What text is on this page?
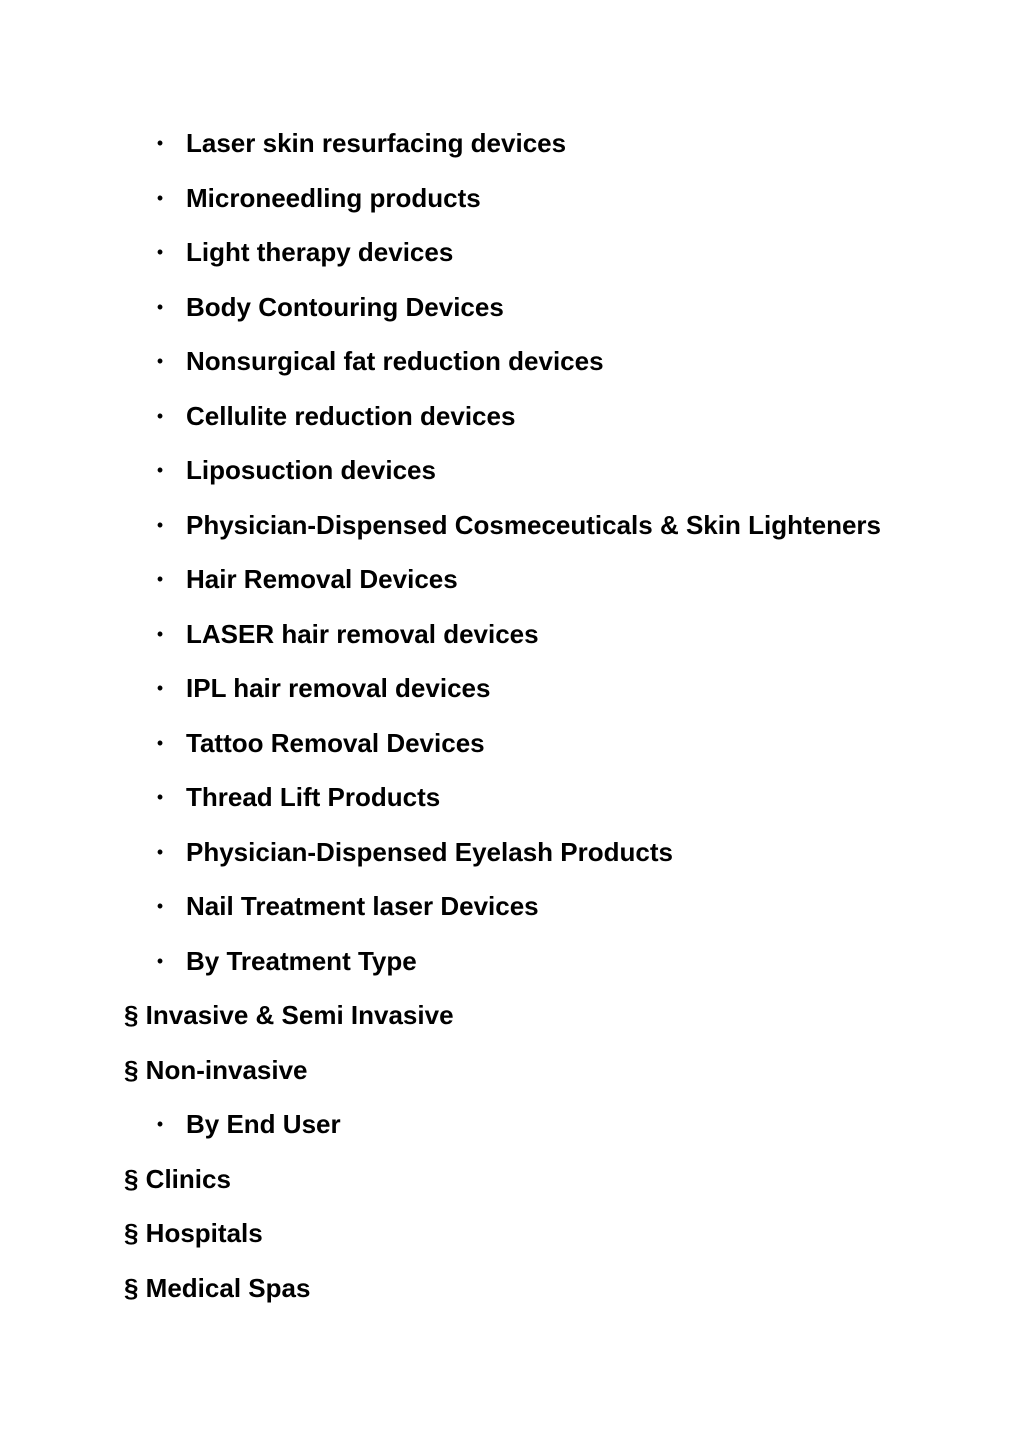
• Laser skin resurfacing devices
• Microneedling products
• Light therapy devices
• Body Contouring Devices
• Nonsurgical fat reduction devices
• Cellulite reduction devices
• Liposuction devices
• Physician-Dispensed Cosmeceuticals & Skin Lighteners
• Hair Removal Devices
• LASER hair removal devices
• IPL hair removal devices
• Tattoo Removal Devices
• Thread Lift Products
• Physician-Dispensed Eyelash Products
• Nail Treatment laser Devices
• By Treatment Type
§ Invasive & Semi Invasive
§ Non-invasive
• By End User
§ Clinics
§ Hospitals
§ Medical Spas
